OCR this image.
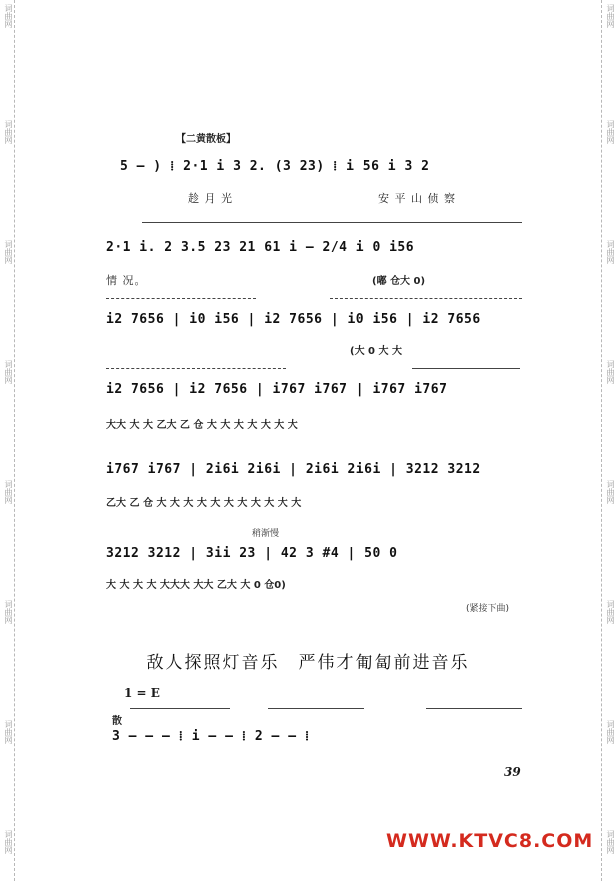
词曲网
词曲网
词曲网
词曲网
词曲网
词曲网
词曲网
词曲网
词曲网
词曲网
词曲网
词曲网
词曲网
词曲网
词曲网
词曲网
【二黄散板】
5 — ) ⁞ 2·1 i 3 2. (3 23) ⁞ i 56 i 3 2
趁 月 光	安 平 山 侦 察
2·1 i. 2 3.5 23 21 61 i — 2/4 i 0 i56
情 况。	(嘟 仓大 0)
i2 7656 | i0 i56 | i2 7656 | i0 i56 | i2 7656
(大 0 大 大
i2 7656 | i2 7656 | i767 i767 | i767 i767
大大 大 大 乙大 乙 仓 大 大 大 大 大 大 大
i767 i767 | 2i6i 2i6i | 2i6i 2i6i | 3212 3212
乙大 乙 仓 大 大 大 大 大 大 大 大 大 大 大
稍渐慢
3212 3212 | 3ii 23 | 42 3 #4 | 50 0
大 大 大 大 大大大 大大 乙大 大 0 仓0)
(紧接下曲)
敌人探照灯音乐　严伟才匍匐前进音乐
1 = E
散
3 — — — ⁞ i — — ⁞ 2 — — ⁞
39
WWW.KTVC8.COM
